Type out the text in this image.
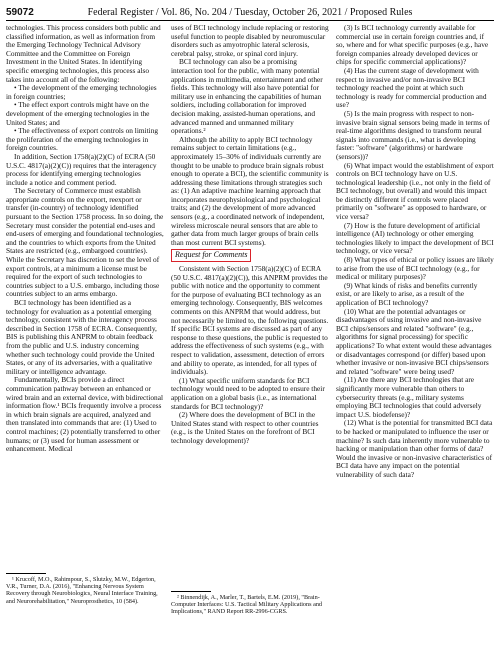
59072	Federal Register / Vol. 86, No. 204 / Tuesday, October 26, 2021 / Proposed Rules

technologies. This process considers both public and classified information, as well as information from the Emerging Technology Technical Advisory Committee and the Committee on Foreign Investment in the United States. In identifying specific emerging technologies, this process also takes into account all of the following:

• The development of the emerging technologies in foreign countries;

• The effect export controls might have on the development of the emerging technologies in the United States; and

• The effectiveness of export controls on limiting the proliferation of the emerging technologies in foreign countries.

In addition, Section 1758(a)(2)(C) of ECRA (50 U.S.C. 4817(a)(2)(C)) requires that the interagency process for identifying emerging technologies include a notice and comment period.

The Secretary of Commerce must establish appropriate controls on the export, reexport or transfer (in-country) of technology identified pursuant to the Section 1758 process. In so doing, the Secretary must consider the potential end-uses and end-users of emerging and foundational technologies, and the countries to which exports from the United States are restricted (e.g., embargoed countries). While the Secretary has discretion to set the level of export controls, at a minimum a license must be required for the export of such technologies to countries subject to a U.S. embargo, including those countries subject to an arms embargo.

BCI technology has been identified as a technology for evaluation as a potential emerging technology, consistent with the interagency process described in Section 1758 of ECRA. Consequently, BIS is publishing this ANPRM to obtain feedback from the public and U.S. industry concerning whether such technology could provide the United States, or any of its adversaries, with a qualitative military or intelligence advantage.

Fundamentally, BCIs provide a direct communication pathway between an enhanced or wired brain and an external device, with bidirectional information flow.¹ BCIs frequently involve a process in which brain signals are acquired, analyzed and then translated into commands that are: (1) Used to control machines; (2) potentially transferred to other humans; or (3) used for human assessment or enhancement. Medical

¹ Krucoff, M.O., Rahimpour, S., Slutzky, M.W., Edgerton, V.R., Turner, D.A. (2016), "Enhancing Nervous System Recovery through Neurobiologics, Neural Interface Training, and Neurorehabilitation," Neuroprosthetics, 10 (584).

uses of BCI technology include replacing or restoring useful function to people disabled by neuromuscular disorders such as amyotrophic lateral sclerosis, cerebral palsy, stroke, or spinal cord injury.

BCI technology can also be a promising interaction tool for the public, with many potential applications in multimedia, entertainment and other fields. This technology will also have potential for military use in enhancing the capabilities of human soldiers, including collaboration for improved decision making, assisted-human operations, and advanced manned and unmanned military operations.²

Although the ability to apply BCI technology remains subject to certain limitations (e.g., approximately 15–30% of individuals currently are thought to be unable to produce brain signals robust enough to operate a BCI), the scientific community is addressing these limitations through strategies such as: (1) An adaptive machine learning approach that incorporates neurophysiological and psychological traits; and (2) the development of more advanced sensors (e.g., a coordinated network of independent, wireless microscale neural sensors that are able to gather data from much larger groups of brain cells than most current BCI systems).

Request for Comments

Consistent with Section 1758(a)(2)(C) of ECRA (50 U.S.C. 4817(a)(2)(C)), this ANPRM provides the public with notice and the opportunity to comment for the purpose of evaluating BCI technology as an emerging technology. Consequently, BIS welcomes comments on this ANPRM that would address, but not necessarily be limited to, the following questions. If specific BCI systems are discussed as part of any response to these questions, the public is requested to address the effectiveness of such systems (e.g., with respect to validation, assessment, detection of errors and ability to operate, as intended, for all types of individuals).

(1) What specific uniform standards for BCI technology would need to be adopted to ensure their application on a global basis (i.e., as international standards for BCI technology)?

(2) Where does the development of BCI in the United States stand with respect to other countries (e.g., is the United States on the forefront of BCI technology development)?

² Binnendijk, A., Marler, T., Bartels, E.M. (2019), "Brain-Computer Interfaces: U.S. Tactical Military Applications and Implications," RAND Report RR-2996-CGRS.

(3) Is BCI technology currently available for commercial use in certain foreign countries and, if so, where and for what specific purposes (e.g., have foreign companies already developed devices or chips for specific commercial applications)?

(4) Has the current stage of development with respect to invasive and/or non-invasive BCI technology reached the point at which such technology is ready for commercial production and use?

(5) Is the main progress with respect to non-invasive brain signal sensors being made in terms of real-time algorithms designed to transform neural signals into commands (i.e., what is developing faster: "software" (algorithms) or hardware (sensors))?

(6) What impact would the establishment of export controls on BCI technology have on U.S. technological leadership (i.e., not only in the field of BCI technology, but overall) and would this impact be distinctly different if controls were placed primarily on "software" as opposed to hardware, or vice versa?

(7) How is the future development of artificial intelligence (AI) technology or other emerging technologies likely to impact the development of BCI technology, or vice versa?

(8) What types of ethical or policy issues are likely to arise from the use of BCI technology (e.g., for medical or military purposes)?

(9) What kinds of risks and benefits currently exist, or are likely to arise, as a result of the application of BCI technology?

(10) What are the potential advantages or disadvantages of using invasive and non-invasive BCI chips/sensors and related "software" (e.g., algorithms for signal processing) for specific applications? To what extent would these advantages or disadvantages correspond (or differ) based upon whether invasive or non-invasive BCI chips/sensors and related "software" were being used?

(11) Are there any BCI technologies that are significantly more vulnerable than others to cybersecurity threats (e.g., military systems employing BCI technologies that could adversely impact U.S. biodefense)?

(12) What is the potential for transmitted BCI data to be hacked or manipulated to influence the user or machine? Is such data inherently more vulnerable to hacking or manipulation than other forms of data? Would the invasive or non-invasive characteristics of BCI data have any impact on the potential vulnerability of such data?
